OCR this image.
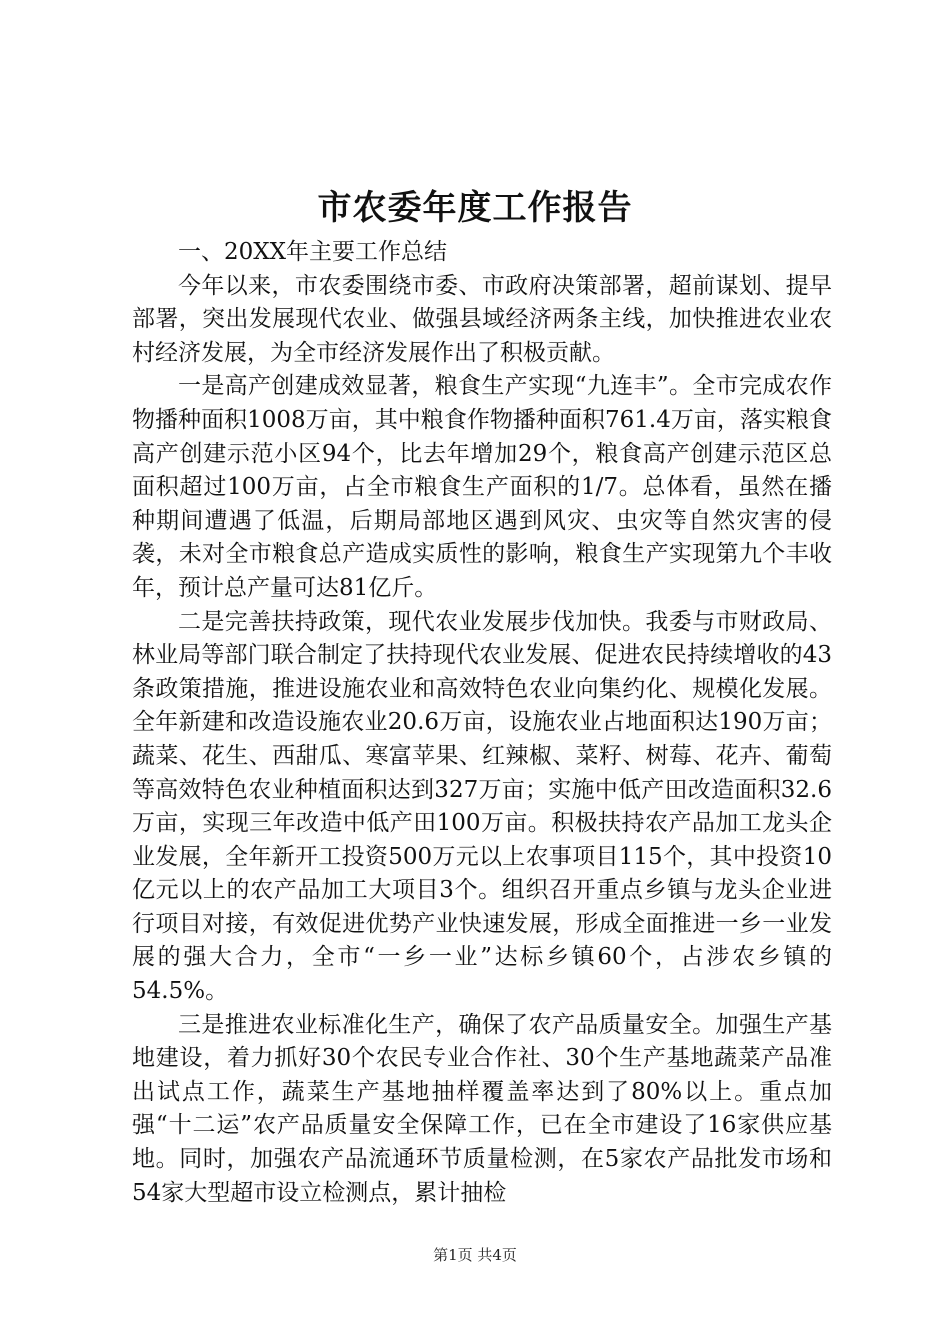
市农委年度工作报告

一、20XX年主要工作总结

今年以来，市农委围绕市委、市政府决策部署，超前谋划、提早部署，突出发展现代农业、做强县域经济两条主线，加快推进农业农村经济发展，为全市经济发展作出了积极贡献。

一是高产创建成效显著，粮食生产实现“九连丰”。全市完成农作物播种面积1008万亩，其中粮食作物播种面积761.4万亩，落实粮食高产创建示范小区94个，比去年增加29个，粮食高产创建示范区总面积超过100万亩，占全市粮食生产面积的1/7。总体看，虽然在播种期间遭遇了低温，后期局部地区遇到风灾、虫灾等自然灾害的侵袭，未对全市粮食总产造成实质性的影响，粮食生产实现第九个丰收年，预计总产量可达81亿斤。

二是完善扶持政策，现代农业发展步伐加快。我委与市财政局、林业局等部门联合制定了扶持现代农业发展、促进农民持续增收的43条政策措施，推进设施农业和高效特色农业向集约化、规模化发展。全年新建和改造设施农业20.6万亩，设施农业占地面积达190万亩；蔬菜、花生、西甜瓜、寒富苹果、红辣椒、菜籽、树莓、花卉、葡萄等高效特色农业种植面积达到327万亩；实施中低产田改造面积32.6万亩，实现三年改造中低产田100万亩。积极扶持农产品加工龙头企业发展，全年新开工投资500万元以上农事项目115个，其中投资10亿元以上的农产品加工大项目3个。组织召开重点乡镇与龙头企业进行项目对接，有效促进优势产业快速发展，形成全面推进一乡一业发展的强大合力，全市“一乡一业”达标乡镇60个，占涉农乡镇的54.5%。

三是推进农业标准化生产，确保了农产品质量安全。加强生产基地建设，着力抓好30个农民专业合作社、30个生产基地蔬菜产品准出试点工作，蔬菜生产基地抽样覆盖率达到了80%以上。重点加强“十二运”农产品质量安全保障工作，已在全市建设了16家供应基地。同时，加强农产品流通环节质量检测，在5家农产品批发市场和54家大型超市设立检测点，累计抽检

第1页 共4页
